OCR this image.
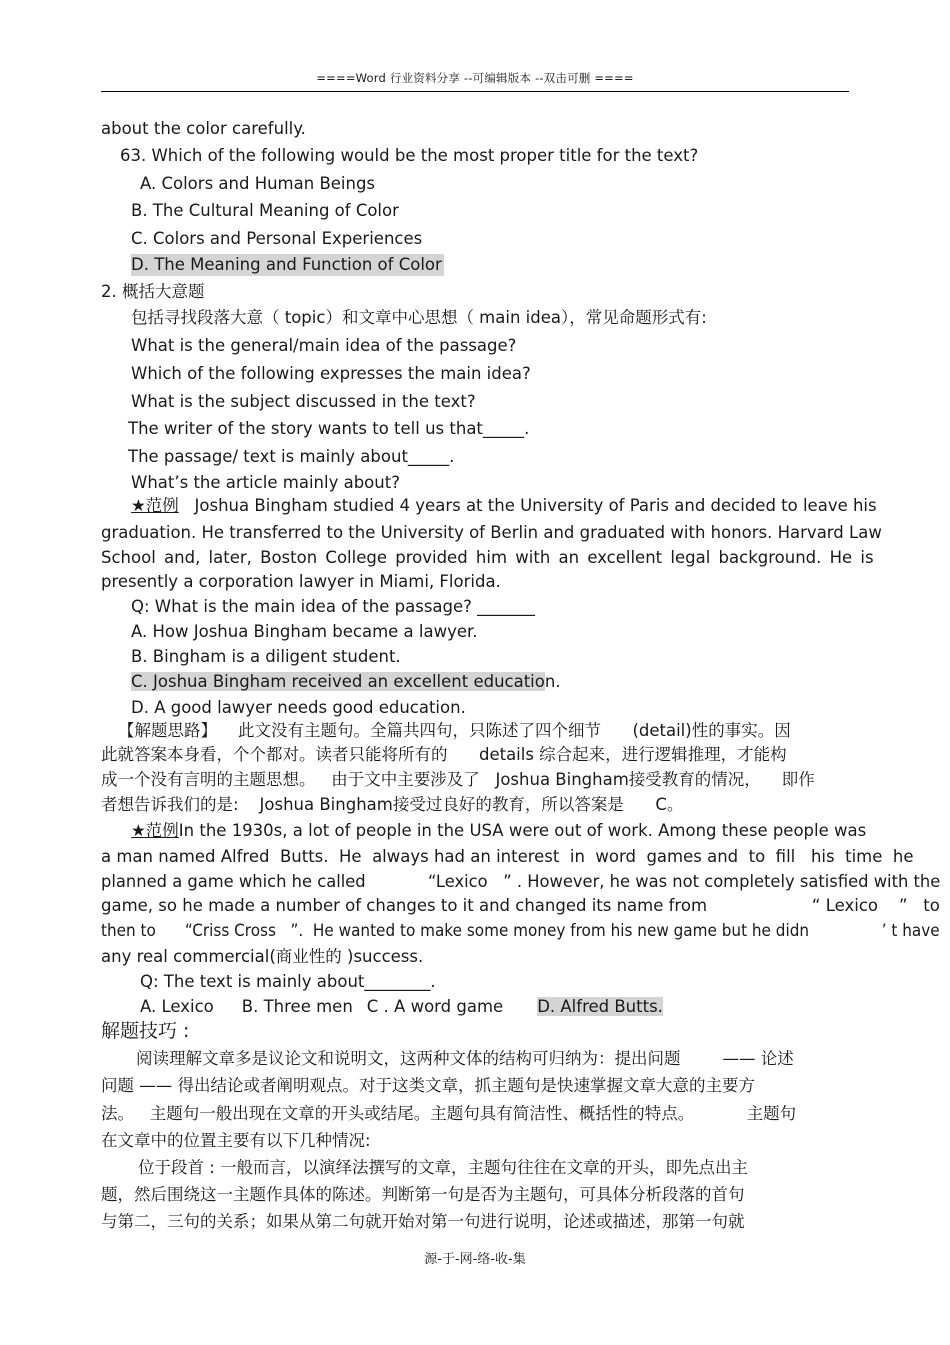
====Word 行业资料分享 --可编辑版本 --双击可删 ====
about the color carefully.
63. Which of the following would be the most proper title for the text?
A. Colors and Human Beings
B. The Cultural Meaning of Color
C. Colors and Personal Experiences
D. The Meaning and Function of Color
2. 概括大意题
包括寻找段落大意（ topic）和文章中心思想（ main idea），常见命题形式有:
What is the general/main idea of the passage?
Which of the following expresses the main idea?
What is the subject discussed in the text?
The writer of the story wants to tell us that_____.
The passage/ text is mainly about_____.
What’s the article mainly about?
★范例 Joshua Bingham studied 4 years at the University of Paris and decided to leave his
graduation. He transferred to the University of Berlin and graduated with honors. Harvard Law
School and, later, Boston College provided him with an excellent legal background. He is
presently a corporation lawyer in Miami, Florida.
Q: What is the main idea of the passage? _______
A. How Joshua Bingham became a lawyer.
B. Bingham is a diligent student.
C. Joshua Bingham received an excellent education.
D. A good lawyer needs good education.
【解题思路】    此文没有主题句。全篇共四句，只陈述了四个细节      (detail)性的事实。因
此就答案本身看，个个都对。读者只能将所有的      details 综合起来，进行逻辑推理，才能构
成一个没有言明的主题思想。   由于文中主要涉及了   Joshua Bingham接受教育的情况，    即作
者想告诉我们的是:    Joshua Bingham接受过良好的教育，所以答案是      C。
★范例In the 1930s, a lot of people in the USA were out of work. Among these people was
a man named Alfred  Butts.  He  always had an interest  in  word  games and  to  fill   his  time  he
planned a game which he called            “Lexico   ” . However, he was not completely satisfied with the
game, so he made a number of changes to it and changed its name from                    “ Lexico    ”   to
then to      “Criss Cross   ”.  He wanted to make some money from his new game but he didn               ’ t have
any real commercial(商业性的 )success.
Q: The text is mainly about________.
A. Lexico B. Three men C . A word game D. Alfred Butts.
解题技巧 :
阅读理解文章多是议论文和说明文，这两种文体的结构可归纳为：提出问题        —— 论述
问题 —— 得出结论或者阐明观点。对于这类文章，抓主题句是快速掌握文章大意的主要方
法。   主题句一般出现在文章的开头或结尾。主题句具有简洁性、概括性的特点。          主题句
在文章中的位置主要有以下几种情况:
位于段首 : 一般而言，以演绎法撰写的文章，主题句往往在文章的开头，即先点出主
题，然后围绕这一主题作具体的陈述。判断第一句是否为主题句，可具体分析段落的首句
与第二，三句的关系；如果从第二句就开始对第一句进行说明，论述或描述，那第一句就
源-于-网-络-收-集
